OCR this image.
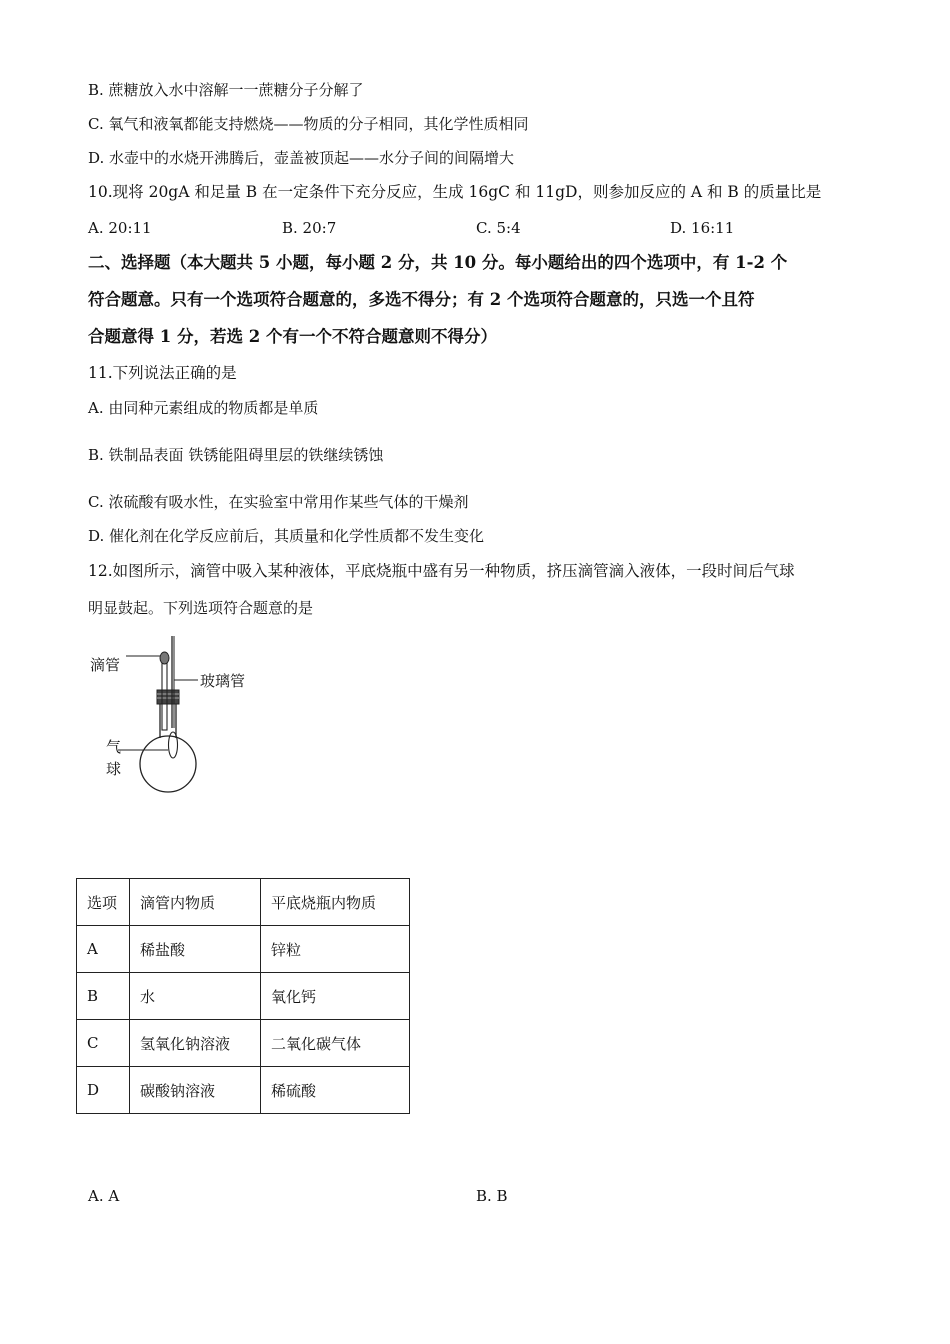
B. 蔗糖放入水中溶解一一蔗糖分子分解了
C. 氧气和液氧都能支持燃烧——物质的分子相同，其化学性质相同
D. 水壶中的水烧开沸腾后，壶盖被顶起——水分子间的间隔增大
10.现将 20gA 和足量 B 在一定条件下充分反应，生成 16gC 和 11gD，则参加反应的 A 和 B 的质量比是
A. 20:11	B. 20:7	C. 5:4	D. 16:11
二、选择题（本大题共 5 小题，每小题 2 分，共 10 分。每小题给出的四个选项中，有 1-2 个
符合题意。只有一个选项符合题意的，多选不得分；有 2 个选项符合题意的，只选一个且符
合题意得 1 分，若选 2 个有一个不符合题意则不得分）
11.下列说法正确的是
A. 由同种元素组成的物质都是单质
B. 铁制品表面 铁锈能阻碍里层的铁继续锈蚀
C. 浓硫酸有吸水性，在实验室中常用作某些气体的干燥剂
D. 催化剂在化学反应前后，其质量和化学性质都不发生变化
12.如图所示，滴管中吸入某种液体，平底烧瓶中盛有另一种物质，挤压滴管滴入液体，一段时间后气球
明显鼓起。下列选项符合题意的是
滴管
玻璃管
气
球
选项	滴管内物质	平底烧瓶内物质
A	稀盐酸	锌粒
B	水	氧化钙
C	氢氧化钠溶液	二氧化碳气体
D	碳酸钠溶液	稀硫酸
A. A	B. B
